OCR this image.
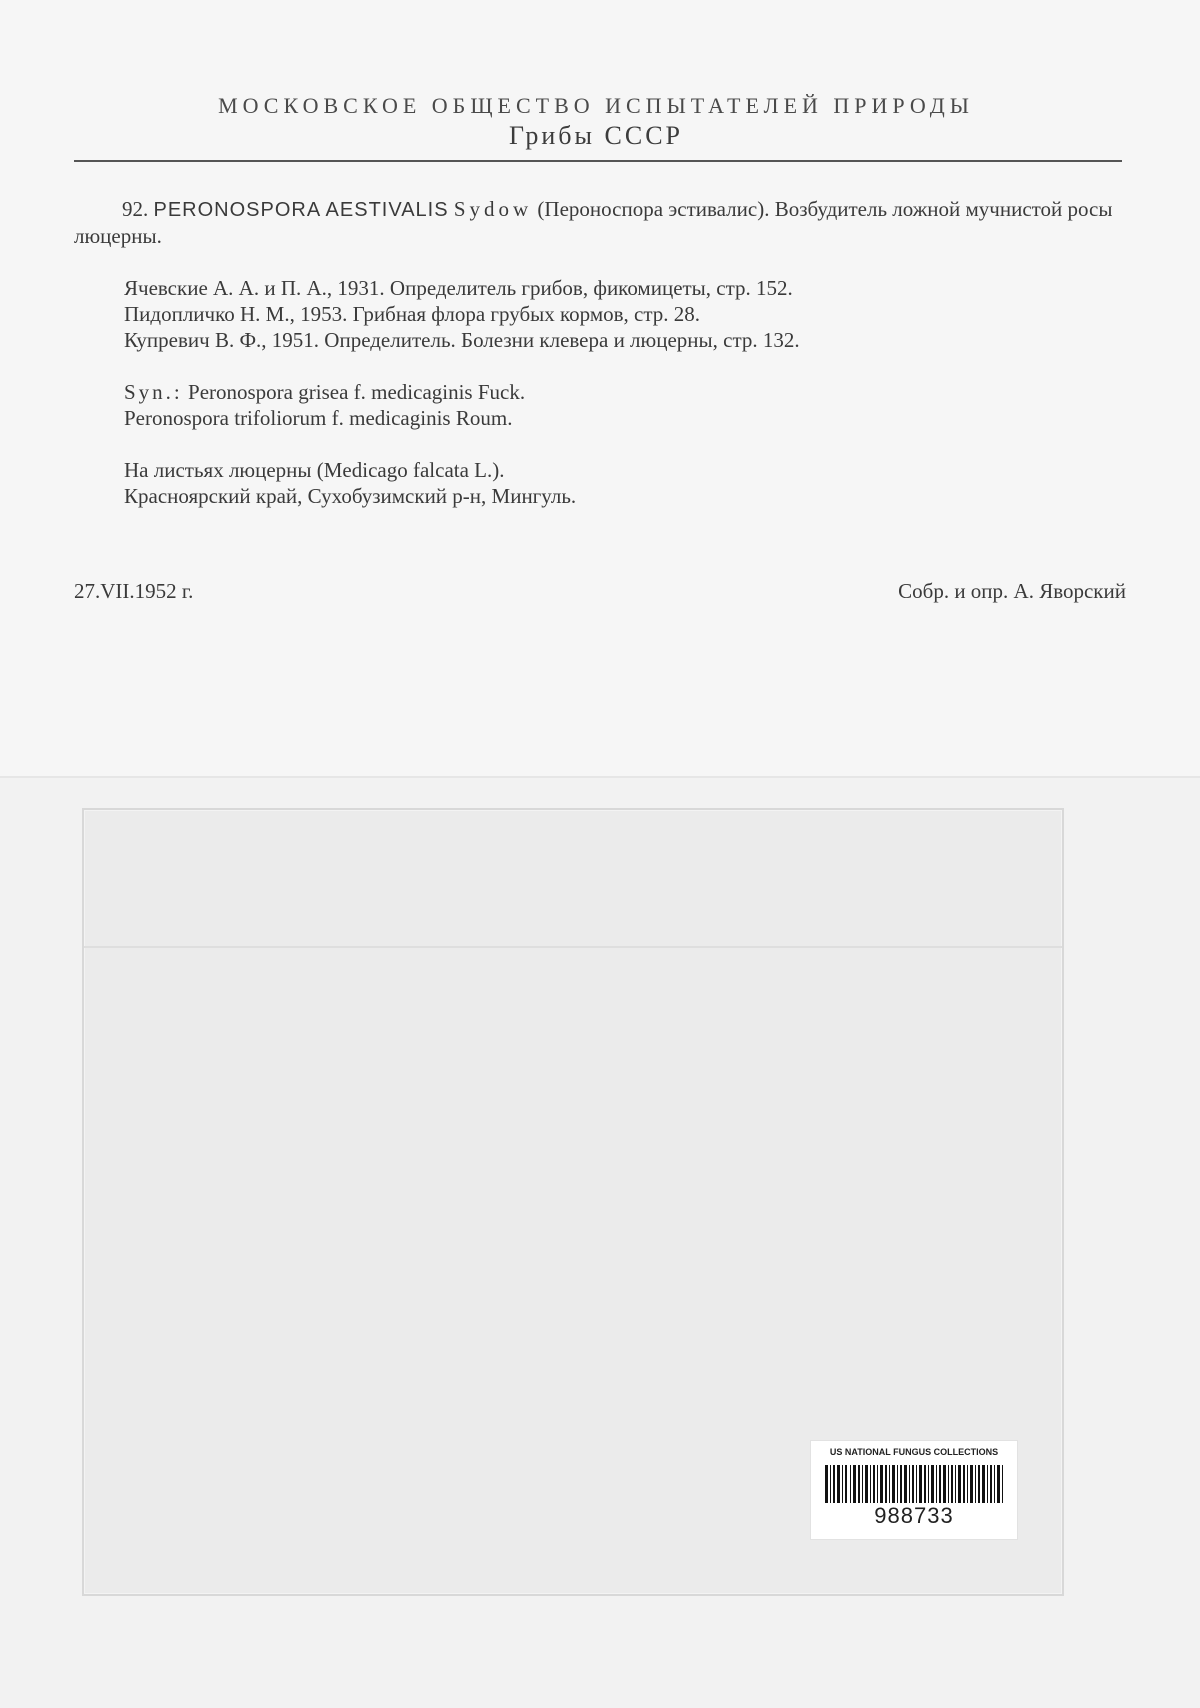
МОСКОВСКОЕ ОБЩЕСТВО ИСПЫТАТЕЛЕЙ ПРИРОДЫ
Грибы СССР

92. PERONOSPORA AESTIVALIS Sydow (Пероноспора эстивалис). Возбудитель ложной мучнистой росы люцерны.

Ячевские А. А. и П. А., 1931. Определитель грибов, фикомицеты, стр. 152.

Пидопличко Н. М., 1953. Грибная флора грубых кормов, стр. 28.

Купревич В. Ф., 1951. Определитель. Болезни клевера и люцерны, стр. 132.

Syn.: Peronospora grisea f. medicaginis Fuck.

Peronospora trifoliorum f. medicaginis Roum.

На листьях люцерны (Medicago falcata L.).

Красноярский край, Сухобузимский р-н, Мингуль.

27.VII.1952 г.	Собр. и опр. А. Яворский
US NATIONAL FUNGUS COLLECTIONS
988733
